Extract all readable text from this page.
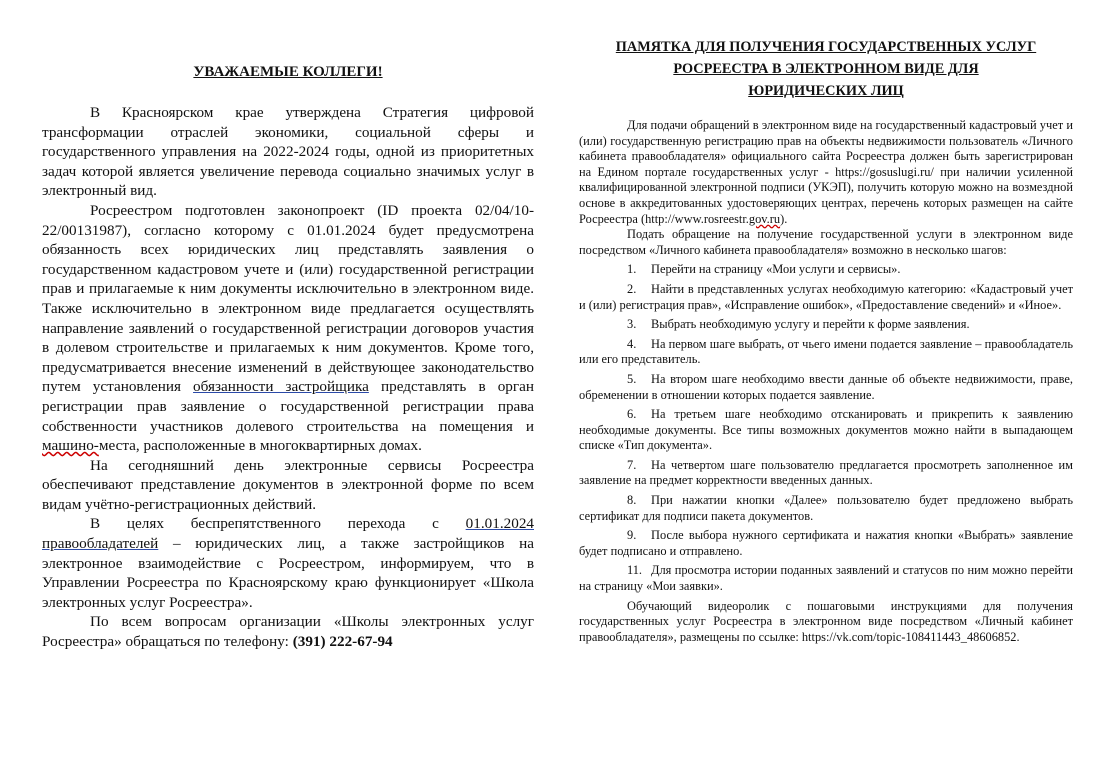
УВАЖАЕМЫЕ КОЛЛЕГИ!

В Красноярском крае утверждена Стратегия цифровой трансформации отраслей экономики, социальной сферы и государственного управления на 2022-2024 годы, одной из приоритетных задач которой является увеличение перевода социально значимых услуг в электронный вид.

Росреестром подготовлен законопроект (ID проекта 02/04/10-22/00131987), согласно которому с 01.01.2024 будет предусмотрена обязанность всех юридических лиц представлять заявления о государственном кадастровом учете и (или) государственной регистрации прав и прилагаемые к ним документы исключительно в электронном виде. Также исключительно в электронном виде предлагается осуществлять направление заявлений о государственной регистрации договоров участия в долевом строительстве и прилагаемых к ним документов. Кроме того, предусматривается внесение изменений в действующее законодательство путем установления обязанности застройщика представлять в орган регистрации прав заявление о государственной регистрации права собственности участников долевого строительства на помещения и машино-места, расположенные в многоквартирных домах.

На сегодняшний день электронные сервисы Росреестра обеспечивают представление документов в электронной форме по всем видам учётно-регистрационных действий.

В целях беспрепятственного перехода с 01.01.2024 правообладателей – юридических лиц, а также застройщиков на электронное взаимодействие с Росреестром, информируем, что в Управлении Росреестра по Красноярскому краю функционирует «Школа электронных услуг Росреестра».

По всем вопросам организации «Школы электронных услуг Росреестра» обращаться по телефону: (391) 222-67-94

ПАМЯТКА ДЛЯ ПОЛУЧЕНИЯ ГОСУДАРСТВЕННЫХ УСЛУГ
РОСРЕЕСТРА В ЭЛЕКТРОННОМ ВИДЕ ДЛЯ
ЮРИДИЧЕСКИХ ЛИЦ

Для подачи обращений в электронном виде на государственный кадастровый учет и (или) государственную регистрацию прав на объекты недвижимости пользователь «Личного кабинета правообладателя» официального сайта Росреестра должен быть зарегистрирован на Едином портале государственных услуг - https://gosuslugi.ru/ при наличии усиленной квалифицированной электронной подписи (УКЭП), получить которую можно на возмездной основе в аккредитованных удостоверяющих центрах, перечень которых размещен на сайте Росреестра (http://www.rosreestr.gov.ru).

Подать обращение на получение государственной услуги в электронном виде посредством «Личного кабинета правообладателя» возможно в несколько шагов:

1. Перейти на страницу «Мои услуги и сервисы».

2. Найти в представленных услугах необходимую категорию: «Кадастровый учет и (или) регистрация прав», «Исправление ошибок», «Предоставление сведений» и «Иное».

3. Выбрать необходимую услугу и перейти к форме заявления.

4. На первом шаге выбрать, от чьего имени подается заявление – правообладатель или его представитель.

5. На втором шаге необходимо ввести данные об объекте недвижимости, праве, обременении в отношении которых подается заявление.

6. На третьем шаге необходимо отсканировать и прикрепить к заявлению необходимые документы. Все типы возможных документов можно найти в выпадающем списке «Тип документа».

7. На четвертом шаге пользователю предлагается просмотреть заполненное им заявление на предмет корректности введенных данных.

8. При нажатии кнопки «Далее» пользователю будет предложено выбрать сертификат для подписи пакета документов.

9. После выбора нужного сертификата и нажатия кнопки «Выбрать» заявление будет подписано и отправлено.

11. Для просмотра истории поданных заявлений и статусов по ним можно перейти на страницу «Мои заявки».

Обучающий видеоролик с пошаговыми инструкциями для получения государственных услуг Росреестра в электронном виде посредством «Личный кабинет правообладателя», размещены по ссылке: https://vk.com/topic-108411443_48606852.
